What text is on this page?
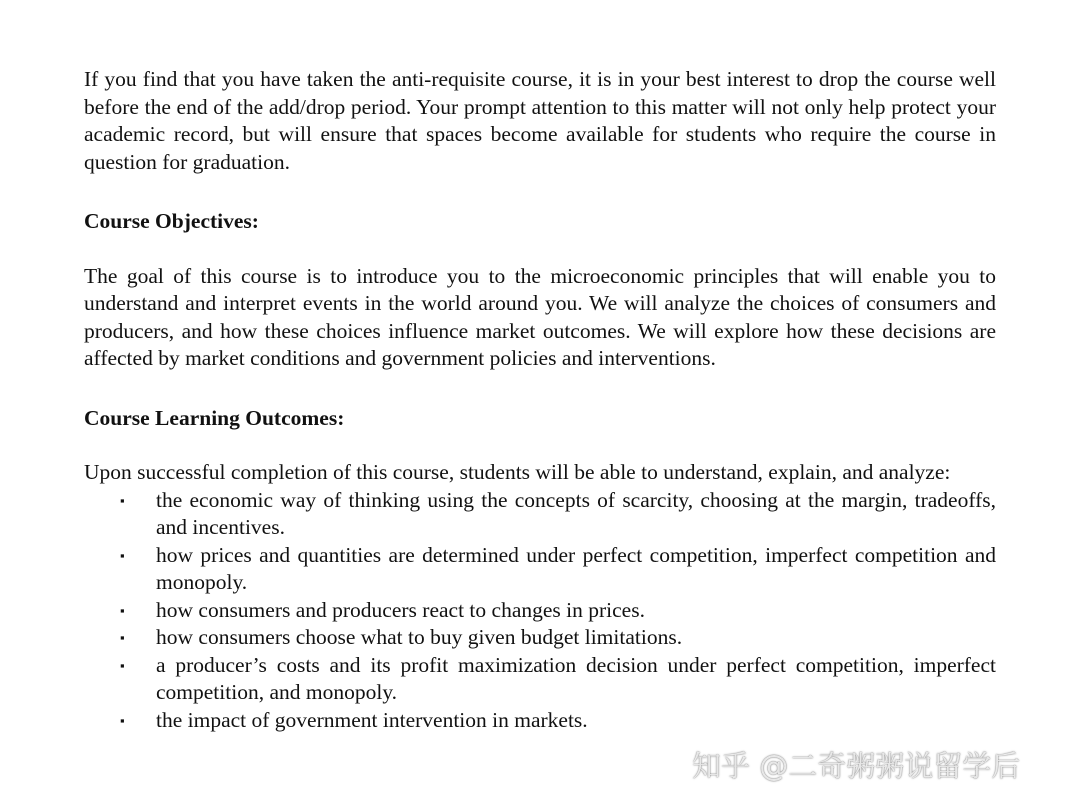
If you find that you have taken the anti-requisite course, it is in your best interest to drop the course well before the end of the add/drop period. Your prompt attention to this matter will not only help protect your academic record, but will ensure that spaces become available for students who require the course in question for graduation.

Course Objectives:

The goal of this course is to introduce you to the microeconomic principles that will enable you to understand and interpret events in the world around you. We will analyze the choices of consumers and producers, and how these choices influence market outcomes. We will explore how these decisions are affected by market conditions and government policies and interventions.

Course Learning Outcomes:

Upon successful completion of this course, students will be able to understand, explain, and analyze:

▪ the economic way of thinking using the concepts of scarcity, choosing at the margin, tradeoffs, and incentives.
▪ how prices and quantities are determined under perfect competition, imperfect competition and monopoly.
▪ how consumers and producers react to changes in prices.
▪ how consumers choose what to buy given budget limitations.
▪ a producer’s costs and its profit maximization decision under perfect competition, imperfect competition, and monopoly.
▪ the impact of government intervention in markets.
知乎 @二奇粥粥说留学后
